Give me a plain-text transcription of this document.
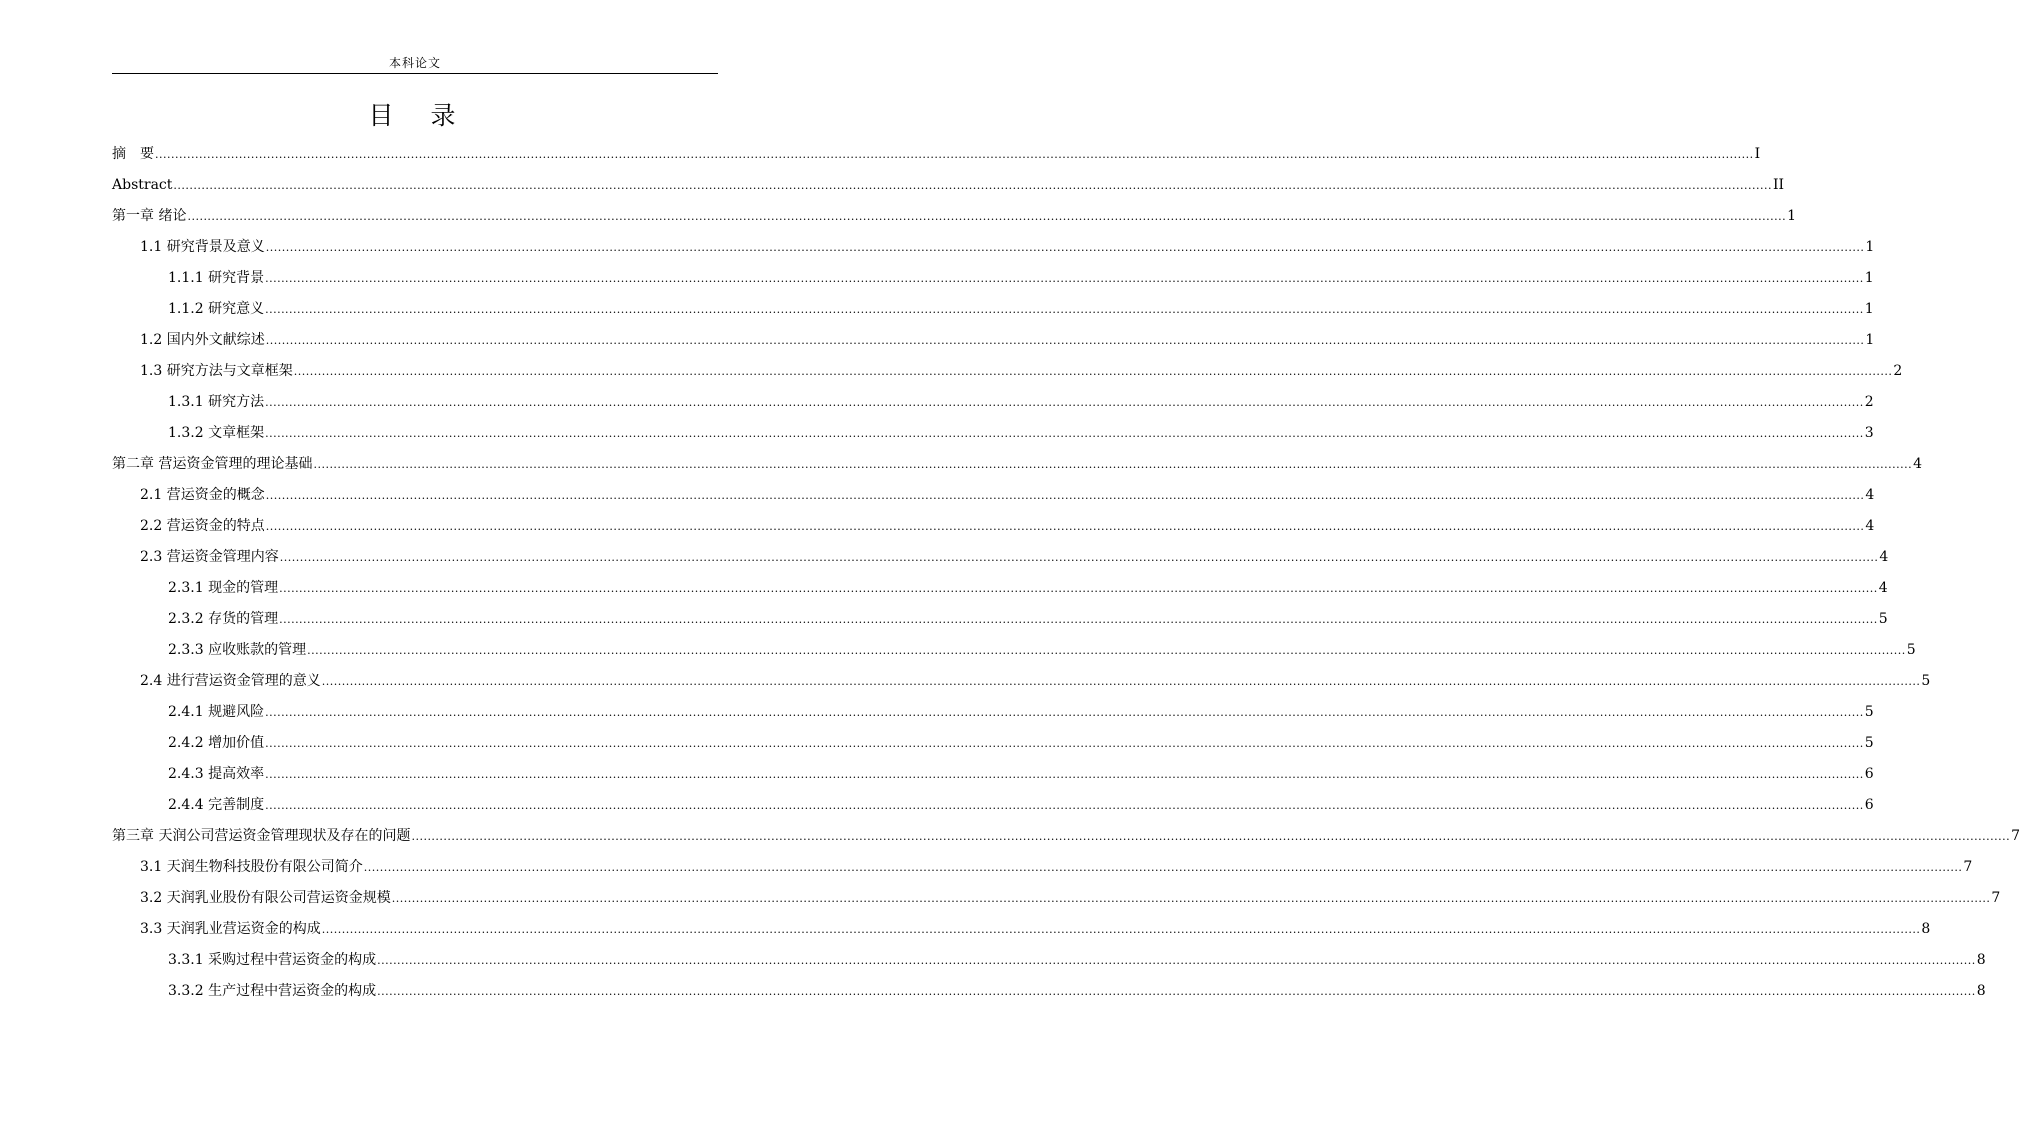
本科论文
目　录
摘　要 ................................................................................................................................................................................................................................................................................................................................................................................................................ I
Abstract ................................................................................................................................................................................................................................................................................................................................................................................................................ II
第一章 绪论 ................................................................................................................................................................................................................................................................................................................................................................................................................ 1
1.1 研究背景及意义 ................................................................................................................................................................................................................................................................................................................................................................................................................ 1
1.1.1 研究背景 ................................................................................................................................................................................................................................................................................................................................................................................................................ 1
1.1.2 研究意义 ................................................................................................................................................................................................................................................................................................................................................................................................................ 1
1.2 国内外文献综述 ................................................................................................................................................................................................................................................................................................................................................................................................................ 1
1.3 研究方法与文章框架 ................................................................................................................................................................................................................................................................................................................................................................................................................ 2
1.3.1 研究方法 ................................................................................................................................................................................................................................................................................................................................................................................................................ 2
1.3.2 文章框架 ................................................................................................................................................................................................................................................................................................................................................................................................................ 3
第二章 营运资金管理的理论基础 ................................................................................................................................................................................................................................................................................................................................................................................................................ 4
2.1 营运资金的概念 ................................................................................................................................................................................................................................................................................................................................................................................................................ 4
2.2 营运资金的特点 ................................................................................................................................................................................................................................................................................................................................................................................................................ 4
2.3 营运资金管理内容 ................................................................................................................................................................................................................................................................................................................................................................................................................ 4
2.3.1 现金的管理 ................................................................................................................................................................................................................................................................................................................................................................................................................ 4
2.3.2 存货的管理 ................................................................................................................................................................................................................................................................................................................................................................................................................ 5
2.3.3 应收账款的管理 ................................................................................................................................................................................................................................................................................................................................................................................................................ 5
2.4 进行营运资金管理的意义 ................................................................................................................................................................................................................................................................................................................................................................................................................ 5
2.4.1 规避风险 ................................................................................................................................................................................................................................................................................................................................................................................................................ 5
2.4.2 增加价值 ................................................................................................................................................................................................................................................................................................................................................................................................................ 5
2.4.3 提高效率 ................................................................................................................................................................................................................................................................................................................................................................................................................ 6
2.4.4 完善制度 ................................................................................................................................................................................................................................................................................................................................................................................................................ 6
第三章 天润公司营运资金管理现状及存在的问题 ................................................................................................................................................................................................................................................................................................................................................................................................................ 7
3.1 天润生物科技股份有限公司简介 ................................................................................................................................................................................................................................................................................................................................................................................................................ 7
3.2 天润乳业股份有限公司营运资金规模 ................................................................................................................................................................................................................................................................................................................................................................................................................ 7
3.3 天润乳业营运资金的构成 ................................................................................................................................................................................................................................................................................................................................................................................................................ 8
3.3.1 采购过程中营运资金的构成 ................................................................................................................................................................................................................................................................................................................................................................................................................ 8
3.3.2 生产过程中营运资金的构成 ................................................................................................................................................................................................................................................................................................................................................................................................................ 8
